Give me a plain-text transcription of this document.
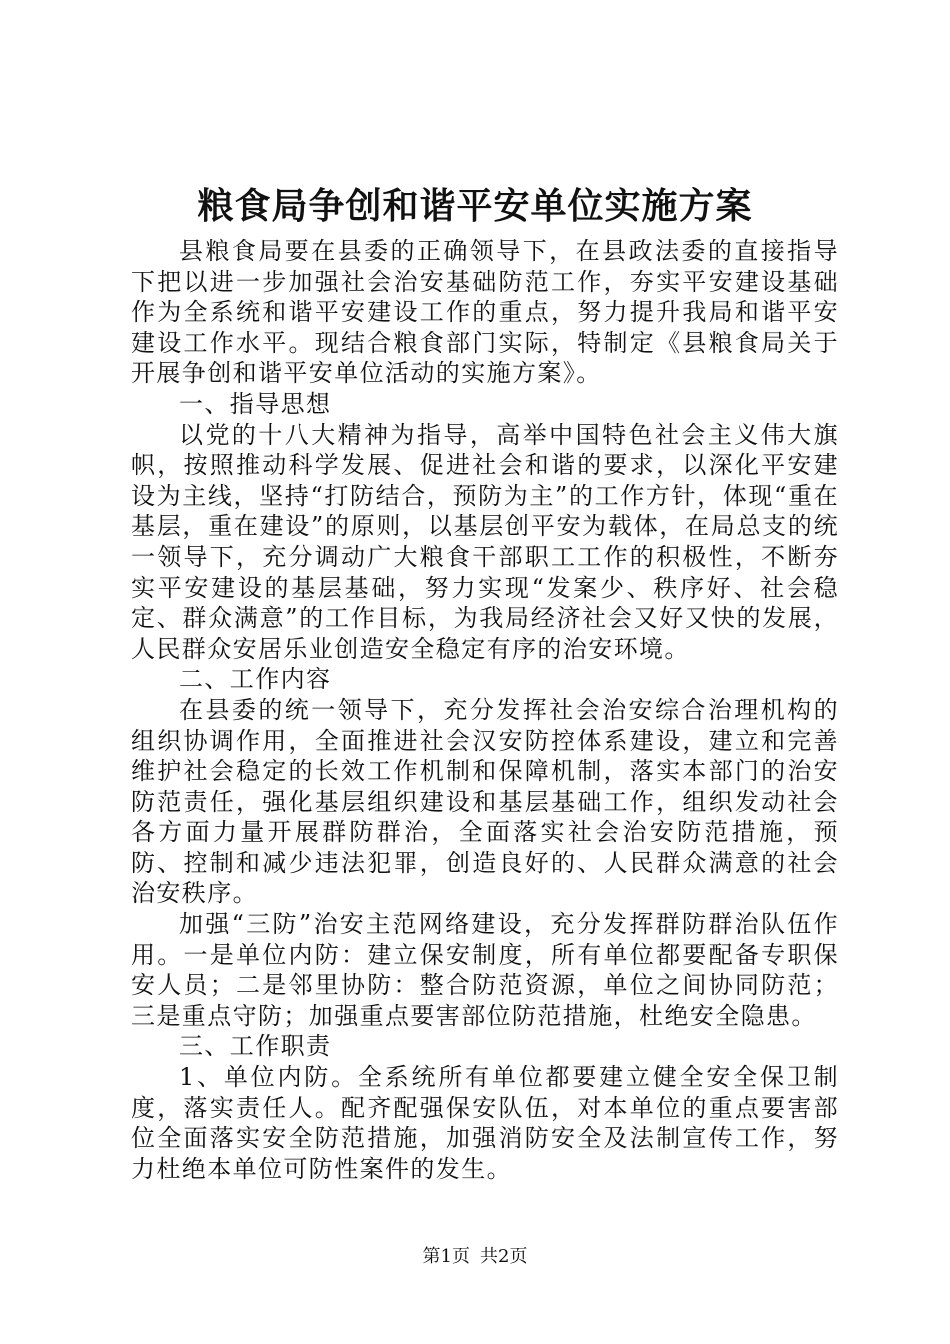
粮食局争创和谐平安单位实施方案

县粮食局要在县委的正确领导下，在县政法委的直接指导下把以进一步加强社会治安基础防范工作，夯实平安建设基础作为全系统和谐平安建设工作的重点，努力提升我局和谐平安建设工作水平。现结合粮食部门实际，特制定《县粮食局关于开展争创和谐平安单位活动的实施方案》。

一、指导思想

以党的十八大精神为指导，高举中国特色社会主义伟大旗帜，按照推动科学发展、促进社会和谐的要求，以深化平安建设为主线，坚持“打防结合，预防为主”的工作方针，体现“重在基层，重在建设”的原则，以基层创平安为载体，在局总支的统一领导下，充分调动广大粮食干部职工工作的积极性，不断夯实平安建设的基层基础，努力实现“发案少、秩序好、社会稳定、群众满意”的工作目标，为我局经济社会又好又快的发展，人民群众安居乐业创造安全稳定有序的治安环境。

二、工作内容

在县委的统一领导下，充分发挥社会治安综合治理机构的组织协调作用，全面推进社会汉安防控体系建设，建立和完善维护社会稳定的长效工作机制和保障机制，落实本部门的治安防范责任，强化基层组织建设和基层基础工作，组织发动社会各方面力量开展群防群治，全面落实社会治安防范措施，预防、控制和减少违法犯罪，创造良好的、人民群众满意的社会治安秩序。

加强“三防”治安主范网络建设，充分发挥群防群治队伍作用。一是单位内防：建立保安制度，所有单位都要配备专职保安人员；二是邻里协防：整合防范资源，单位之间协同防范；三是重点守防；加强重点要害部位防范措施，杜绝安全隐患。

三、工作职责

1、单位内防。全系统所有单位都要建立健全安全保卫制度，落实责任人。配齐配强保安队伍，对本单位的重点要害部位全面落实安全防范措施，加强消防安全及法制宣传工作，努力杜绝本单位可防性案件的发生。

第1页 共2页
